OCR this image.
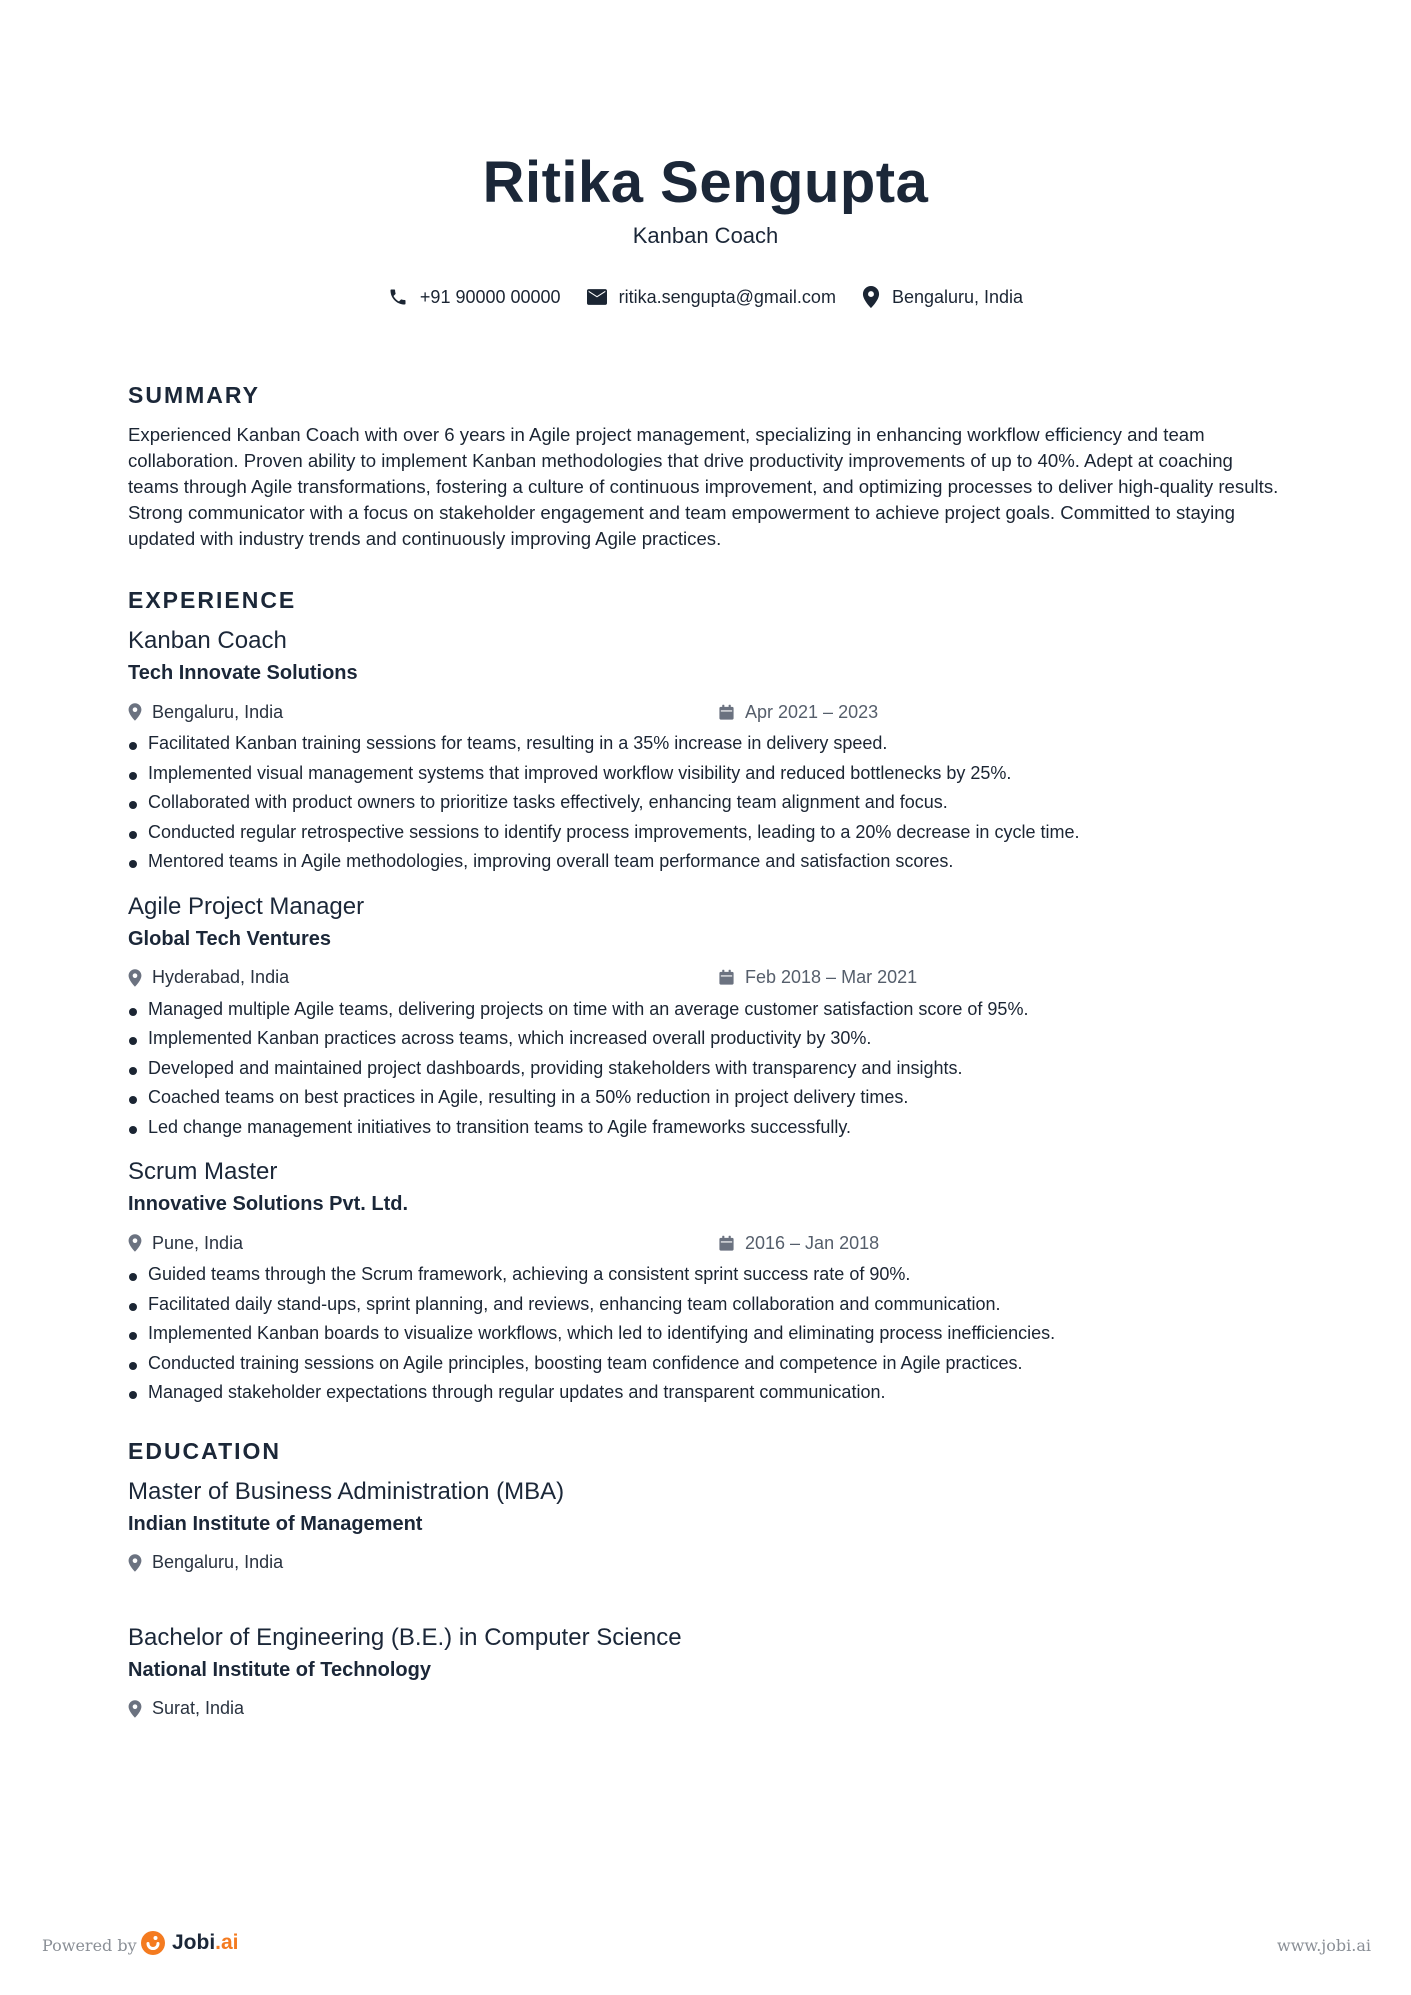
Ritika Sengupta
Kanban Coach
+91 90000 00000	ritika.sengupta@gmail.com	Bengaluru, India
SUMMARY
Experienced Kanban Coach with over 6 years in Agile project management, specializing in enhancing workflow efficiency and team collaboration. Proven ability to implement Kanban methodologies that drive productivity improvements of up to 40%. Adept at coaching teams through Agile transformations, fostering a culture of continuous improvement, and optimizing processes to deliver high-quality results. Strong communicator with a focus on stakeholder engagement and team empowerment to achieve project goals. Committed to staying updated with industry trends and continuously improving Agile practices.
EXPERIENCE
Kanban Coach
Tech Innovate Solutions
Bengaluru, India	Apr 2021 – 2023
Facilitated Kanban training sessions for teams, resulting in a 35% increase in delivery speed.
Implemented visual management systems that improved workflow visibility and reduced bottlenecks by 25%.
Collaborated with product owners to prioritize tasks effectively, enhancing team alignment and focus.
Conducted regular retrospective sessions to identify process improvements, leading to a 20% decrease in cycle time.
Mentored teams in Agile methodologies, improving overall team performance and satisfaction scores.
Agile Project Manager
Global Tech Ventures
Hyderabad, India	Feb 2018 – Mar 2021
Managed multiple Agile teams, delivering projects on time with an average customer satisfaction score of 95%.
Implemented Kanban practices across teams, which increased overall productivity by 30%.
Developed and maintained project dashboards, providing stakeholders with transparency and insights.
Coached teams on best practices in Agile, resulting in a 50% reduction in project delivery times.
Led change management initiatives to transition teams to Agile frameworks successfully.
Scrum Master
Innovative Solutions Pvt. Ltd.
Pune, India	2016 – Jan 2018
Guided teams through the Scrum framework, achieving a consistent sprint success rate of 90%.
Facilitated daily stand-ups, sprint planning, and reviews, enhancing team collaboration and communication.
Implemented Kanban boards to visualize workflows, which led to identifying and eliminating process inefficiencies.
Conducted training sessions on Agile principles, boosting team confidence and competence in Agile practices.
Managed stakeholder expectations through regular updates and transparent communication.
EDUCATION
Master of Business Administration (MBA)
Indian Institute of Management
Bengaluru, India
Bachelor of Engineering (B.E.) in Computer Science
National Institute of Technology
Surat, India
Powered by Jobi.ai	www.jobi.ai
